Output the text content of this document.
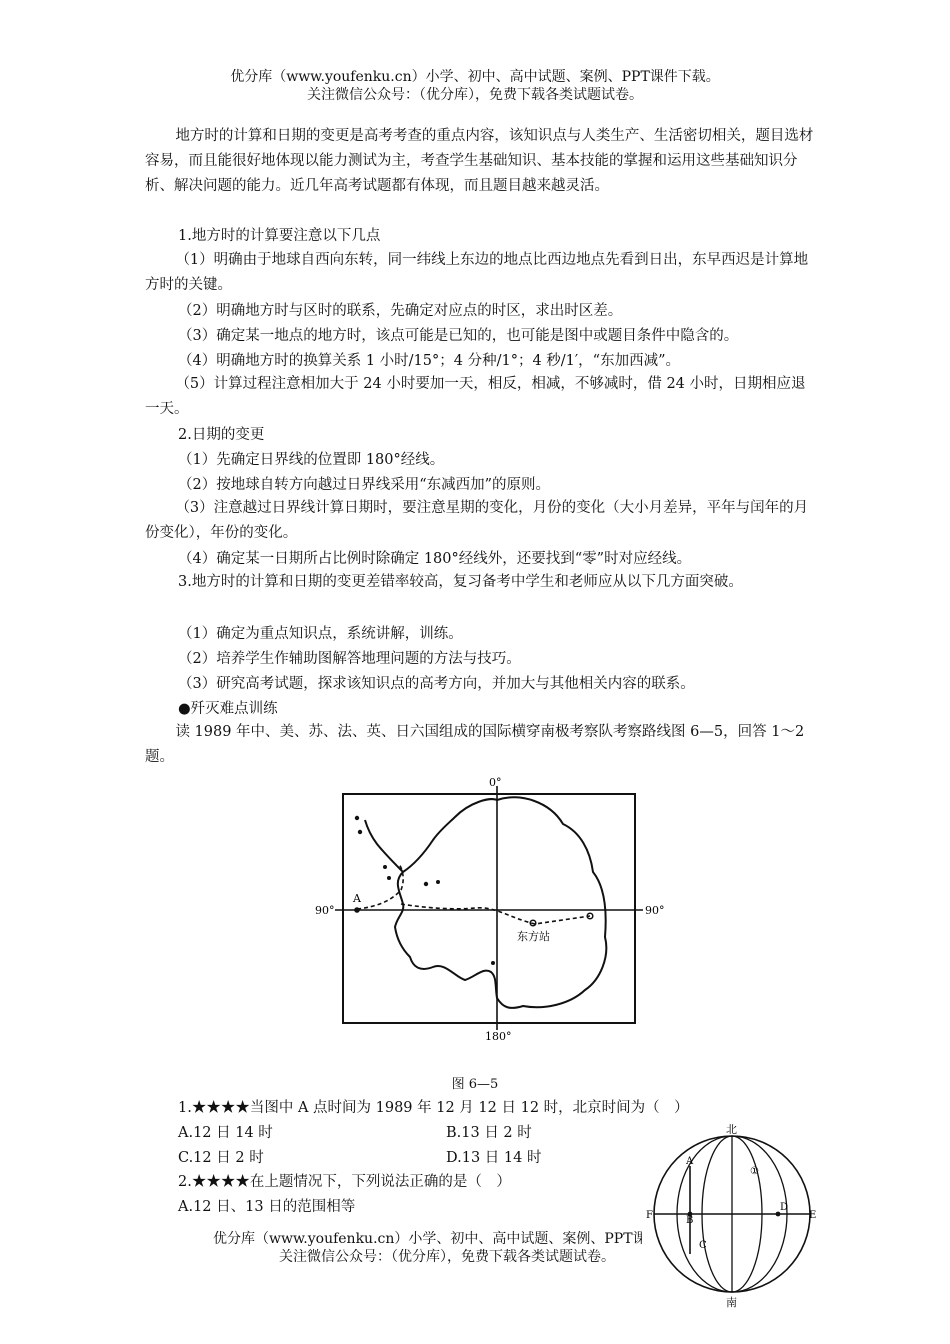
优分库（www.youfenku.cn）小学、初中、高中试题、案例、PPT课件下载。
关注微信公众号：（优分库），免费下载各类试题试卷。
地方时的计算和日期的变更是高考考查的重点内容，该知识点与人类生产、生活密切相关，题目选材容易，而且能很好地体现以能力测试为主，考查学生基础知识、基本技能的掌握和运用这些基础知识分析、解决问题的能力。近几年高考试题都有体现，而且题目越来越灵活。
1.地方时的计算要注意以下几点
（1）明确由于地球自西向东转，同一纬线上东边的地点比西边地点先看到日出，东早西迟是计算地方时的关键。
（2）明确地方时与区时的联系，先确定对应点的时区，求出时区差。
（3）确定某一地点的地方时，该点可能是已知的，也可能是图中或题目条件中隐含的。
（4）明确地方时的换算关系 1 小时/15°；4 分种/1°；4 秒/1′，“东加西减”。
（5）计算过程注意相加大于 24 小时要加一天，相反，相减，不够减时，借 24 小时，日期相应退一天。
2.日期的变更
（1）先确定日界线的位置即 180°经线。
（2）按地球自转方向越过日界线采用“东减西加”的原则。
（3）注意越过日界线计算日期时，要注意星期的变化，月份的变化（大小月差异，平年与闰年的月份变化），年份的变化。
（4）确定某一日期所占比例时除确定 180°经线外，还要找到“零”时对应经线。
3.地方时的计算和日期的变更差错率较高，复习备考中学生和老师应从以下几方面突破。
（1）确定为重点知识点，系统讲解，训练。
（2）培养学生作辅助图解答地理问题的方法与技巧。
（3）研究高考试题，探求该知识点的高考方向，并加大与其他相关内容的联系。
●歼灭难点训练
读 1989 年中、美、苏、法、英、日六国组成的国际横穿南极考察队考察路线图 6—5，回答 1～2 题。
0°
90°	90°
180°
A
东方站
图 6—5
1.★★★★当图中 A 点时间为 1989 年 12 月 12 日 12 时，北京时间为（　）
A.12 日 14 时	B.13 日 2 时
C.12 日 2 时	D.13 日 14 时
2.★★★★在上题情况下，下列说法正确的是（　）
A.12 日、13 日的范围相等
优分库（www.youfenku.cn）小学、初中、高中试题、案例、PPT课件下载。
关注微信公众号：（优分库），免费下载各类试题试卷。
北
南
A
B
C
D
E
F
①
